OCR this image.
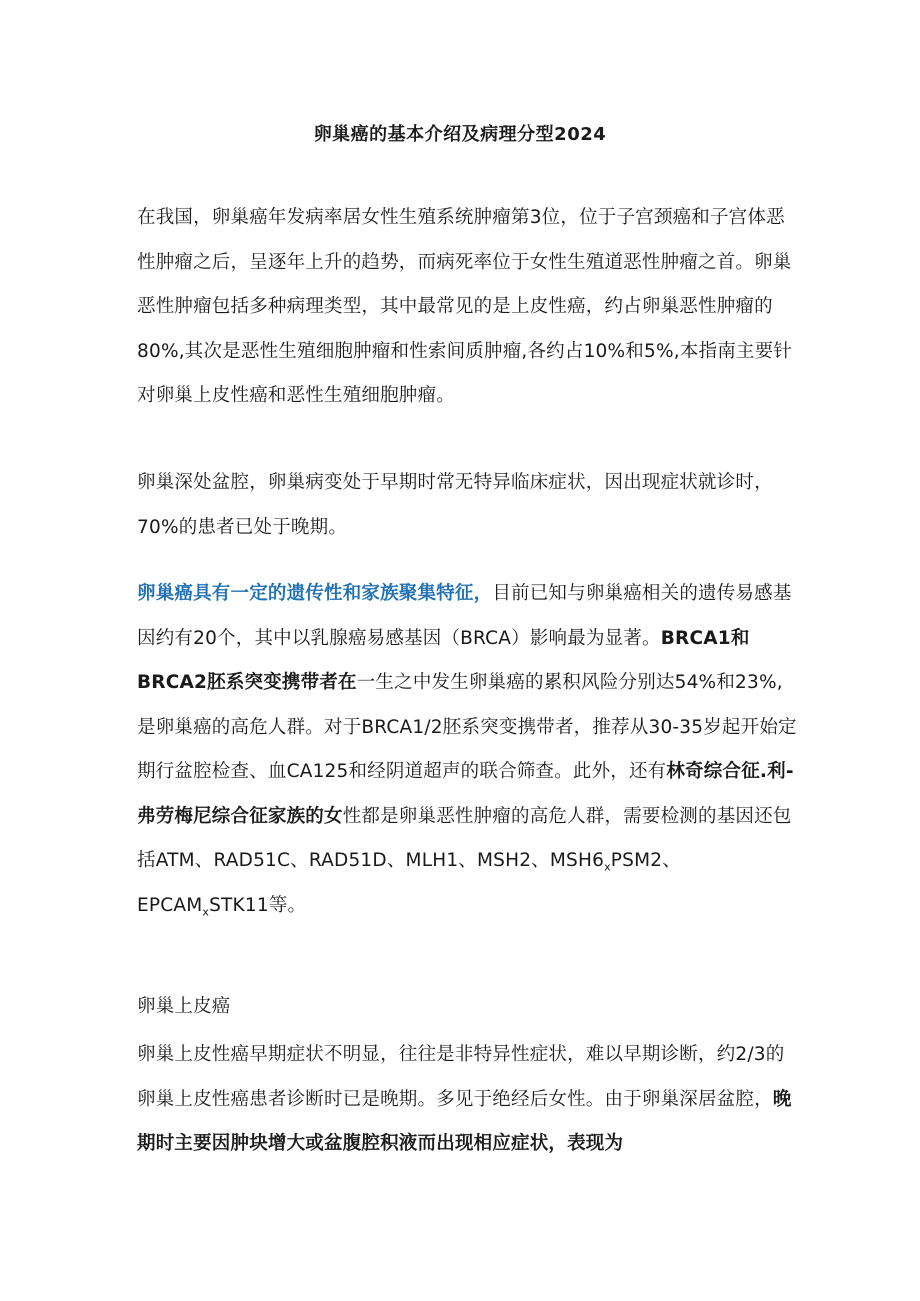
卵巢癌的基本介绍及病理分型2024

在我国，卵巢癌年发病率居女性生殖系统肿瘤第3位，位于子宫颈癌和子宫体恶性肿瘤之后，呈逐年上升的趋势，而病死率位于女性生殖道恶性肿瘤之首。卵巢恶性肿瘤包括多种病理类型，其中最常见的是上皮性癌，约占卵巢恶性肿瘤的80%,其次是恶性生殖细胞肿瘤和性索间质肿瘤,各约占10%和5%,本指南主要针对卵巢上皮性癌和恶性生殖细胞肿瘤。

卵巢深处盆腔，卵巢病变处于早期时常无特异临床症状，因出现症状就诊时，70%的患者已处于晚期。

卵巢癌具有一定的遗传性和家族聚集特征，目前已知与卵巢癌相关的遗传易感基因约有20个，其中以乳腺癌易感基因（BRCA）影响最为显著。BRCA1和BRCA2胚系突变携带者在一生之中发生卵巢癌的累积风险分别达54%和23%,是卵巢癌的高危人群。对于BRCA1/2胚系突变携带者，推荐从30-35岁起开始定期行盆腔检查、血CA125和经阴道超声的联合筛查。此外，还有林奇综合征.利-弗劳梅尼综合征家族的女性都是卵巢恶性肿瘤的高危人群，需要检测的基因还包括ATM、RAD51C、RAD51D、MLH1、MSH2、$MSH6_xPSM2$、$EPCAM_xSTK11$等。

卵巢上皮癌

卵巢上皮性癌早期症状不明显，往往是非特异性症状，难以早期诊断，约2/3的卵巢上皮性癌患者诊断时已是晚期。多见于绝经后女性。由于卵巢深居盆腔，晚期时主要因肿块增大或盆腹腔积液而出现相应症状，表现为
